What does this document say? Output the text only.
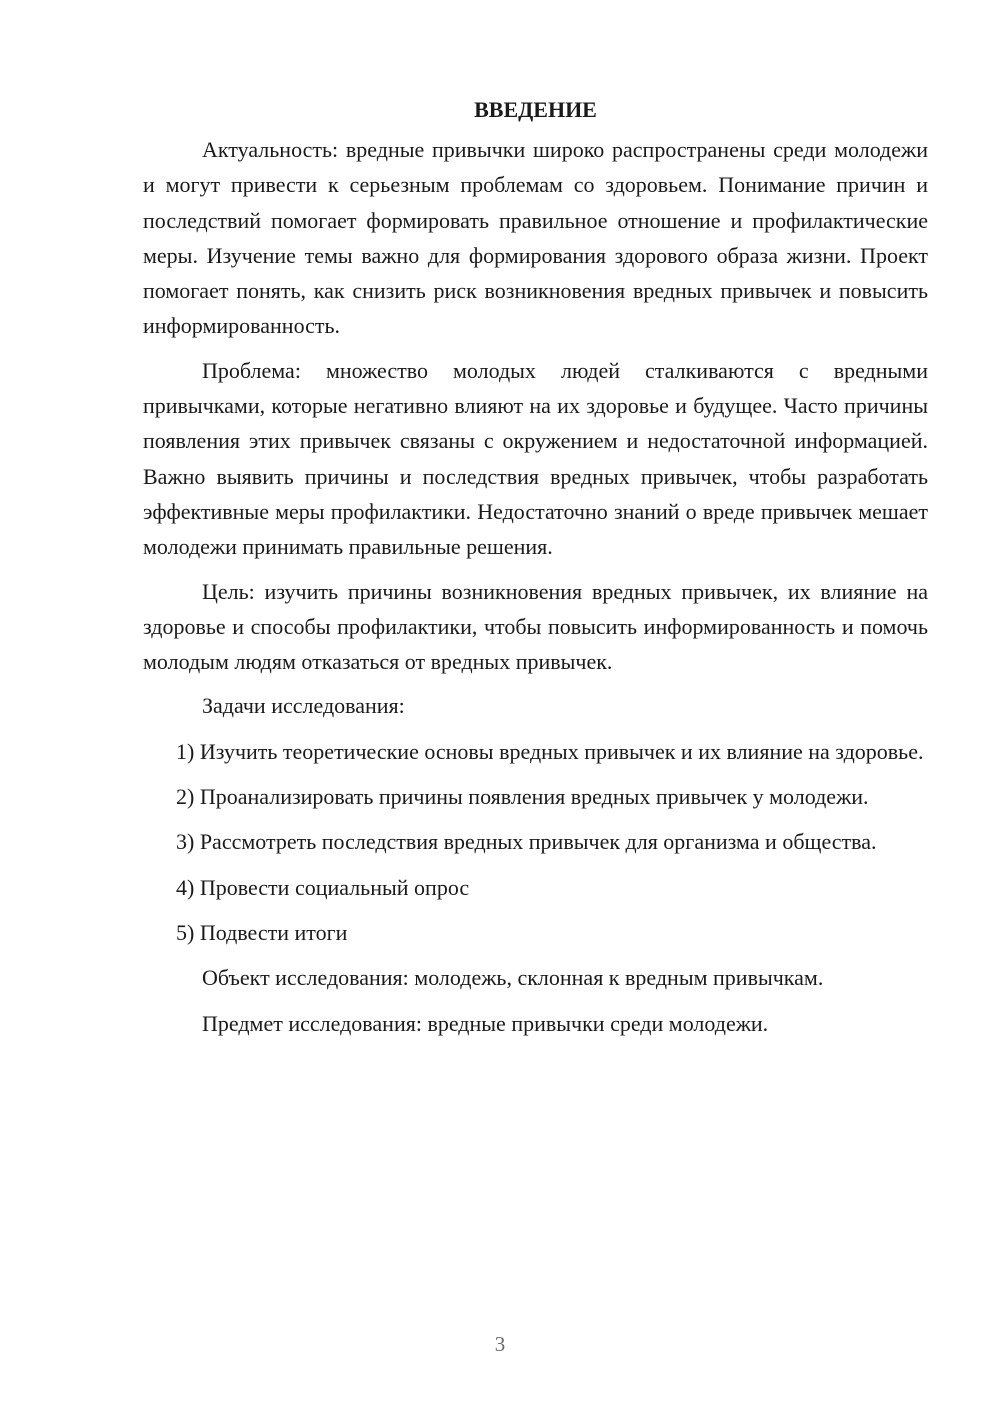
ВВЕДЕНИЕ

Актуальность: вредные привычки широко распространены среди молодежи и могут привести к серьезным проблемам со здоровьем. Понимание причин и последствий помогает формировать правильное отношение и профилактические меры. Изучение темы важно для формирования здорового образа жизни. Проект помогает понять, как снизить риск возникновения вредных привычек и повысить информированность.

Проблема: множество молодых людей сталкиваются с вредными привычками, которые негативно влияют на их здоровье и будущее. Часто причины появления этих привычек связаны с окружением и недостаточной информацией. Важно выявить причины и последствия вредных привычек, чтобы разработать эффективные меры профилактики. Недостаточно знаний о вреде привычек мешает молодежи принимать правильные решения.

Цель: изучить причины возникновения вредных привычек, их влияние на здоровье и способы профилактики, чтобы повысить информированность и помочь молодым людям отказаться от вредных привычек.

Задачи исследования:

1) Изучить теоретические основы вредных привычек и их влияние на здоровье.

2) Проанализировать причины появления вредных привычек у молодежи.

3) Рассмотреть последствия вредных привычек для организма и общества.

4) Провести социальный опрос

5) Подвести итоги

Объект исследования: молодежь, склонная к вредным привычкам.

Предмет исследования: вредные привычки среди молодежи.

3
